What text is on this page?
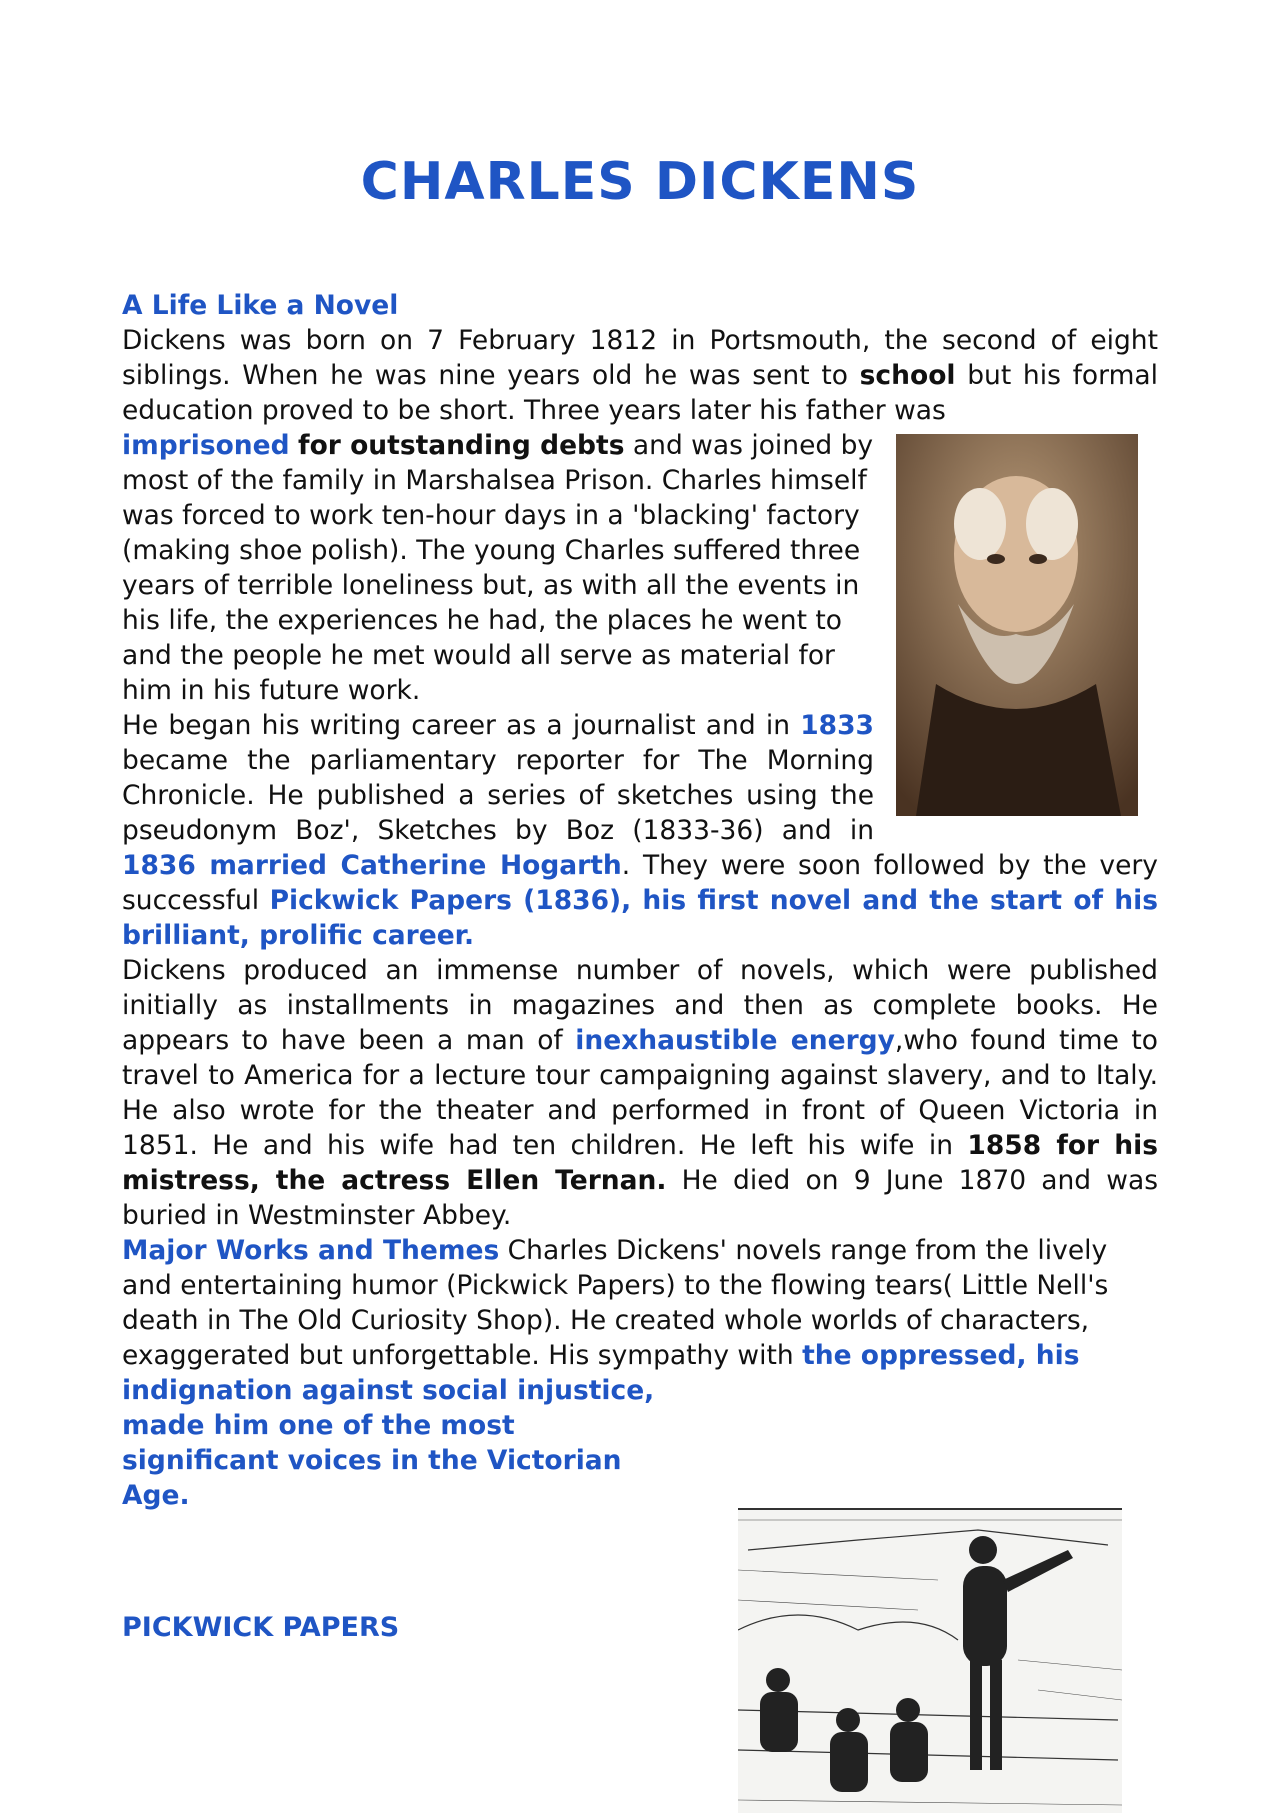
CHARLES DICKENS
A Life Like a Novel

Dickens was born on 7 February 1812 in Portsmouth, the second of eight siblings. When he was nine years old he was sent to school but his formal education proved to be short. Three years later his father was

imprisoned for outstanding debts and was joined by most of the family in Marshalsea Prison. Charles himself was forced to work ten-hour days in a 'blacking' factory (making shoe polish). The young Charles suffered three years of terrible loneliness but, as with all the events in his life, the experiences he had, the places he went to and the people he met would all serve as material for him in his future work.

He began his writing career as a journalist and in 1833 became the parliamentary reporter for The Morning Chronicle. He published a series of sketches using the pseudonym Boz', Sketches by Boz (1833-36) and in 1836 married Catherine Hogarth. They were soon followed by the very successful Pickwick Papers (1836), his first novel and the start of his brilliant, prolific career.

Dickens produced an immense number of novels, which were published initially as installments in magazines and then as complete books. He appears to have been a man of inexhaustible energy,who found time to travel to America for a lecture tour campaigning against slavery, and to Italy. He also wrote for the theater and performed in front of Queen Victoria in 1851. He and his wife had ten children. He left his wife in 1858 for his mistress, the actress Ellen Ternan. He died on 9 June 1870 and was buried in Westminster Abbey.

Major Works and Themes Charles Dickens' novels range from the lively and entertaining humor (Pickwick Papers) to the flowing tears( Little Nell's death in The Old Curiosity Shop). He created whole worlds of characters, exaggerated but unforgettable. His sympathy with the oppressed, his indignation against social injustice,
made him one of the most
significant voices in the Victorian
Age.

PICKWICK PAPERS
